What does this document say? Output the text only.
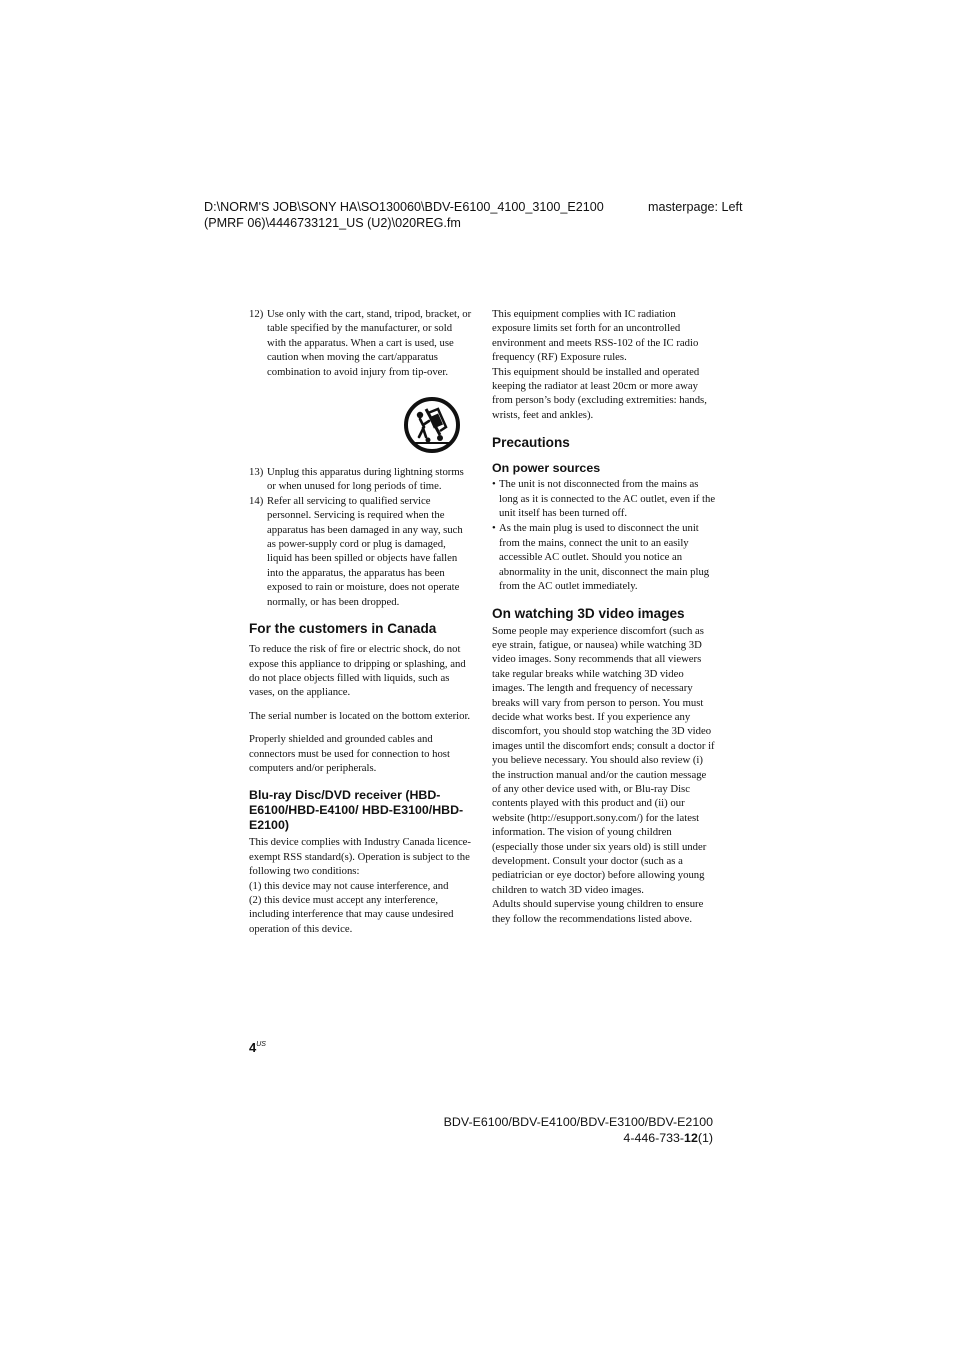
D:\NORM'S JOB\SONY HA\SO130060\BDV-E6100_4100_3100_E2100	masterpage: Left
(PMRF 06)\4446733121_US (U2)\020REG.fm
12) Use only with the cart, stand, tripod, bracket, or table specified by the manufacturer, or sold with the apparatus. When a cart is used, use caution when moving the cart/apparatus combination to avoid injury from tip-over.
13) Unplug this apparatus during lightning storms or when unused for long periods of time.
14) Refer all servicing to qualified service personnel. Servicing is required when the apparatus has been damaged in any way, such as power-supply cord or plug is damaged, liquid has been spilled or objects have fallen into the apparatus, the apparatus has been exposed to rain or moisture, does not operate normally, or has been dropped.
For the customers in Canada

To reduce the risk of fire or electric shock, do not expose this appliance to dripping or splashing, and do not place objects filled with liquids, such as vases, on the appliance.

The serial number is located on the bottom exterior.

Properly shielded and grounded cables and connectors must be used for connection to host computers and/or peripherals.

Blu-ray Disc/DVD receiver (HBD-E6100/HBD-E4100/ HBD-E3100/HBD-E2100)

This device complies with Industry Canada licence-exempt RSS standard(s). Operation is subject to the following two conditions:

(1) this device may not cause interference, and

(2) this device must accept any interference, including interference that may cause undesired operation of this device.

This equipment complies with IC radiation exposure limits set forth for an uncontrolled environment and meets RSS-102 of the IC radio frequency (RF) Exposure rules.

This equipment should be installed and operated keeping the radiator at least 20cm or more away from person’s body (excluding extremities: hands, wrists, feet and ankles).

Precautions
On power sources
• The unit is not disconnected from the mains as long as it is connected to the AC outlet, even if the unit itself has been turned off.
• As the main plug is used to disconnect the unit from the mains, connect the unit to an easily accessible AC outlet. Should you notice an abnormality in the unit, disconnect the main plug from the AC outlet immediately.
On watching 3D video images

Some people may experience discomfort (such as eye strain, fatigue, or nausea) while watching 3D video images. Sony recommends that all viewers take regular breaks while watching 3D video images. The length and frequency of necessary breaks will vary from person to person. You must decide what works best. If you experience any discomfort, you should stop watching the 3D video images until the discomfort ends; consult a doctor if you believe necessary. You should also review (i) the instruction manual and/or the caution message of any other device used with, or Blu-ray Disc contents played with this product and (ii) our website (http://esupport.sony.com/) for the latest information. The vision of young children (especially those under six years old) is still under development. Consult your doctor (such as a pediatrician or eye doctor) before allowing young children to watch 3D video images.

Adults should supervise young children to ensure they follow the recommendations listed above.

$4^{US}$
BDV-E6100/BDV-E4100/BDV-E3100/BDV-E2100
4-446-733-12(1)
